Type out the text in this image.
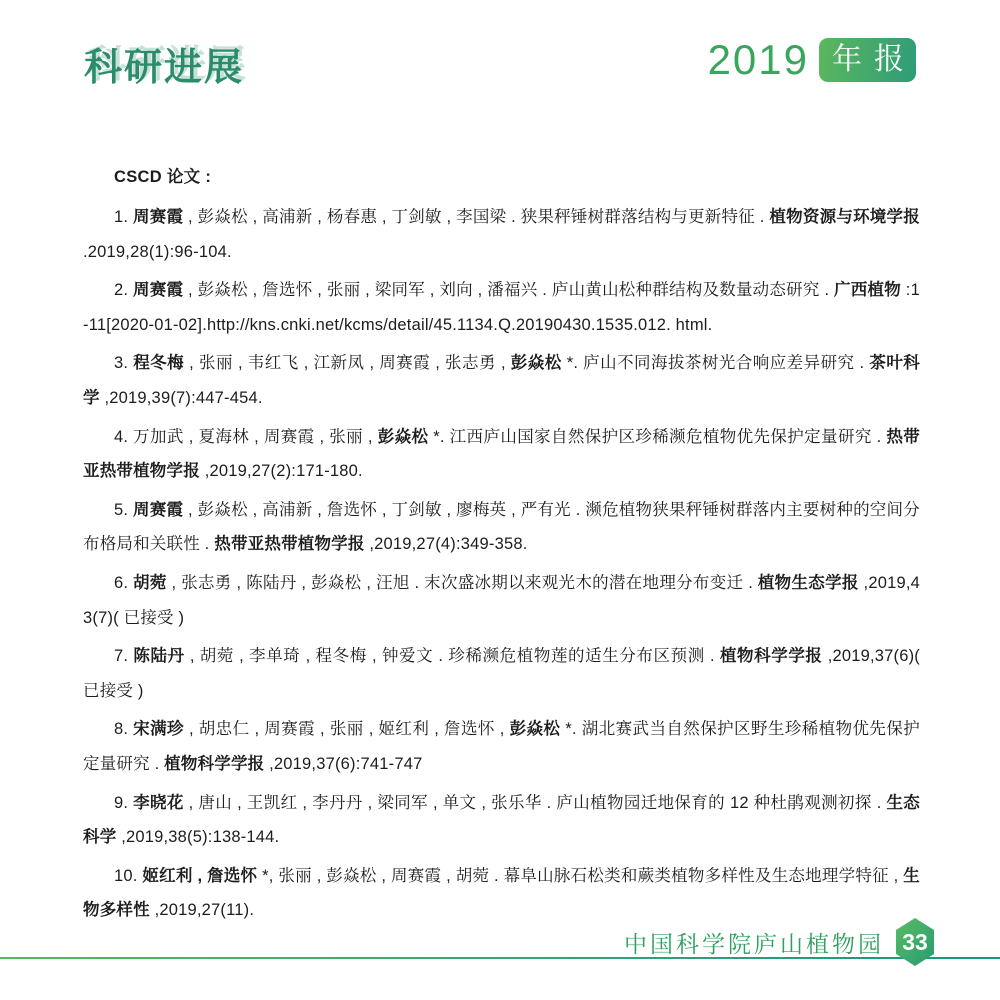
科研进展	2019 年报

CSCD 论文 :

1. 周赛霞 , 彭焱松 , 高浦新 , 杨春惠 , 丁剑敏 , 李国梁 . 狭果秤锤树群落结构与更新特征 . 植物资源与环境学报 .2019,28(1):96-104.
2. 周赛霞 , 彭焱松 , 詹选怀 , 张丽 , 梁同军 , 刘向 , 潘福兴 . 庐山黄山松种群结构及数量动态研究 . 广西植物 :1-11[2020-01-02].http://kns.cnki.net/kcms/detail/45.1134.Q.20190430.1535.012. html.
3. 程冬梅 , 张丽 , 韦红飞 , 江新凤 , 周赛霞 , 张志勇 , 彭焱松 *. 庐山不同海拔茶树光合响应差异研究 . 茶叶科学 ,2019,39(7):447-454.
4. 万加武 , 夏海林 , 周赛霞 , 张丽 , 彭焱松 *. 江西庐山国家自然保护区珍稀濒危植物优先保护定量研究 . 热带亚热带植物学报 ,2019,27(2):171-180.
5. 周赛霞 , 彭焱松 , 高浦新 , 詹选怀 , 丁剑敏 , 廖梅英 , 严有光 . 濒危植物狭果秤锤树群落内主要树种的空间分布格局和关联性 . 热带亚热带植物学报 ,2019,27(4):349-358.
6. 胡菀 , 张志勇 , 陈陆丹 , 彭焱松 , 汪旭 . 末次盛冰期以来观光木的潜在地理分布变迁 . 植物生态学报 ,2019,43(7)( 已接受 )
7. 陈陆丹 , 胡菀 , 李单琦 , 程冬梅 , 钟爱文 . 珍稀濒危植物莲的适生分布区预测 . 植物科学学报 ,2019,37(6)( 已接受 )
8. 宋满珍 , 胡忠仁 , 周赛霞 , 张丽 , 姬红利 , 詹选怀 , 彭焱松 *. 湖北赛武当自然保护区野生珍稀植物优先保护定量研究 . 植物科学学报 ,2019,37(6):741-747
9. 李晓花 , 唐山 , 王凯红 , 李丹丹 , 梁同军 , 单文 , 张乐华 . 庐山植物园迁地保育的 12 种杜鹃观测初探 . 生态科学 ,2019,38(5):138-144.
10. 姬红利 , 詹选怀 *, 张丽 , 彭焱松 , 周赛霞 , 胡菀 . 幕阜山脉石松类和蕨类植物多样性及生态地理学特征 , 生物多样性 ,2019,27(11).
中国科学院庐山植物园 33
